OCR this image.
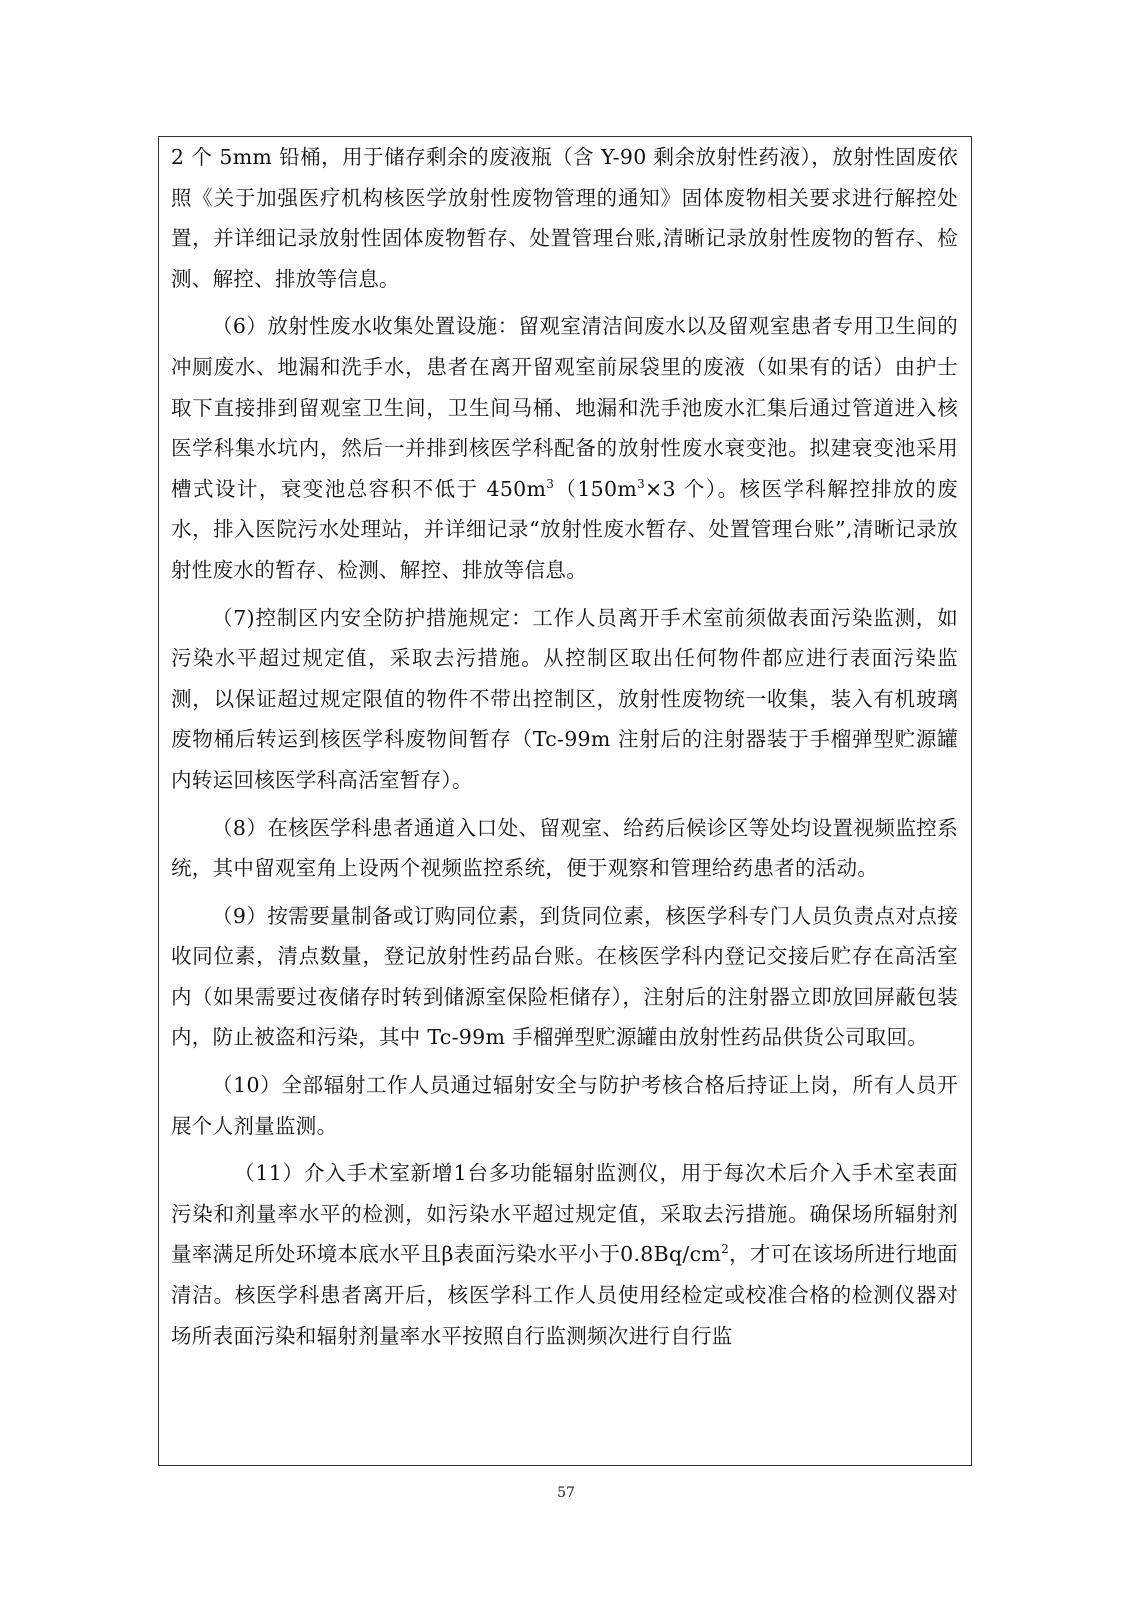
2 个 5mm 铅桶，用于储存剩余的废液瓶（含 Y-90 剩余放射性药液），放射性固废依照《关于加强医疗机构核医学放射性废物管理的通知》固体废物相关要求进行解控处置，并详细记录放射性固体废物暂存、处置管理台账,清晰记录放射性废物的暂存、检测、解控、排放等信息。

（6）放射性废水收集处置设施：留观室清洁间废水以及留观室患者专用卫生间的冲厕废水、地漏和洗手水，患者在离开留观室前尿袋里的废液（如果有的话）由护士取下直接排到留观室卫生间，卫生间马桶、地漏和洗手池废水汇集后通过管道进入核医学科集水坑内，然后一并排到核医学科配备的放射性废水衰变池。拟建衰变池采用槽式设计，衰变池总容积不低于 $450m^3(150m^3\times 3$ 个）。核医学科解控排放的废水，排入医院污水处理站，并详细记录“放射性废水暂存、处置管理台账”,清晰记录放射性废水的暂存、检测、解控、排放等信息。

（7)控制区内安全防护措施规定：工作人员离开手术室前须做表面污染监测，如污染水平超过规定值，采取去污措施。从控制区取出任何物件都应进行表面污染监测，以保证超过规定限值的物件不带出控制区，放射性废物统一收集，装入有机玻璃废物桶后转运到核医学科废物间暂存（Tc-99m 注射后的注射器装于手榴弹型贮源罐内转运回核医学科高活室暂存）。

（8）在核医学科患者通道入口处、留观室、给药后候诊区等处均设置视频监控系统，其中留观室角上设两个视频监控系统，便于观察和管理给药患者的活动。

（9）按需要量制备或订购同位素，到货同位素，核医学科专门人员负责点对点接收同位素，清点数量，登记放射性药品台账。在核医学科内登记交接后贮存在高活室内（如果需要过夜储存时转到储源室保险柜储存），注射后的注射器立即放回屏蔽包装内，防止被盗和污染，其中 Tc-99m 手榴弹型贮源罐由放射性药品供货公司取回。

（10）全部辐射工作人员通过辐射安全与防护考核合格后持证上岗，所有人员开展个人剂量监测。

（11）介入手术室新增1台多功能辐射监测仪，用于每次术后介入手术室表面污染和剂量率水平的检测，如污染水平超过规定值，采取去污措施。确保场所辐射剂量率满足所处环境本底水平且β表面污染水平小于$0.8Bq/cm^2$，才可在该场所进行地面清洁。核医学科患者离开后，核医学科工作人员使用经检定或校准合格的检测仪器对场所表面污染和辐射剂量率水平按照自行监测频次进行自行监

57
